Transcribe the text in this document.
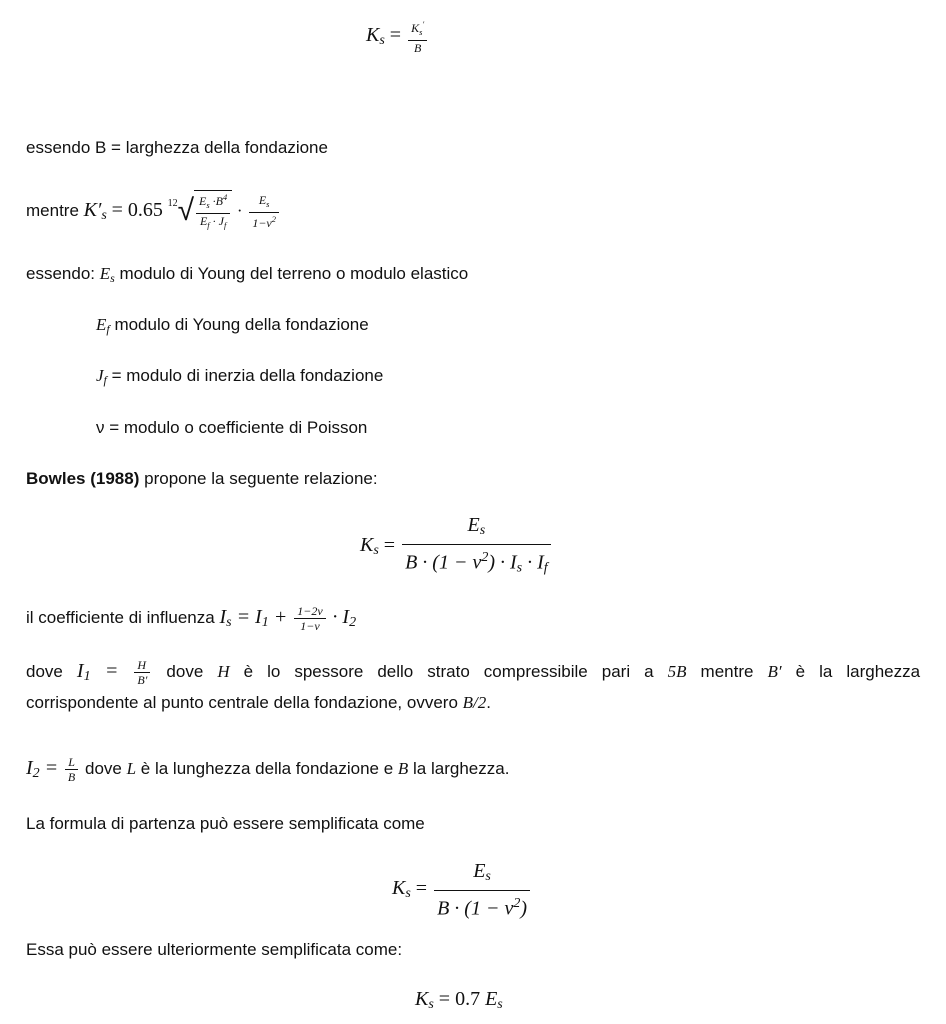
$K_s = \frac{K_s'}{B}$
essendo B = larghezza della fondazione
mentre $K'_s = 0.65$ $^{12}√ \frac{E_s \cdot B^4}{E_f \cdot J_f} \cdot \frac{E_s}{1-\nu^2}$
essendo: $E_s$ modulo di Young del terreno o modulo elastico
$E_f$ modulo di Young della fondazione
$J_f$ = modulo di inerzia della fondazione
ν = modulo o coefficiente di Poisson
Bowles (1988) propone la seguente relazione:
$K_s = \frac{E_s}{B \cdot (1 - \nu^2) \cdot I_s \cdot I_f}$
il coefficiente di influenza $I_s = I_1 + \frac{1-2\nu}{1-\nu} \cdot I_2$
dove $I_1 = \frac{H}{B'}$ dove H è lo spessore dello strato compressibile pari a 5B mentre B′ è la larghezza
corrispondente al punto centrale della fondazione, ovvero B/2.
$I_2 = \frac{L}{B}$ dove L è la lunghezza della fondazione e B la larghezza.
La formula di partenza può essere semplificata come
$K_s = \frac{E_s}{B \cdot (1 - \nu^2)}$
Essa può essere ulteriormente semplificata come:
$K_s = 0.7$ $E_s$
